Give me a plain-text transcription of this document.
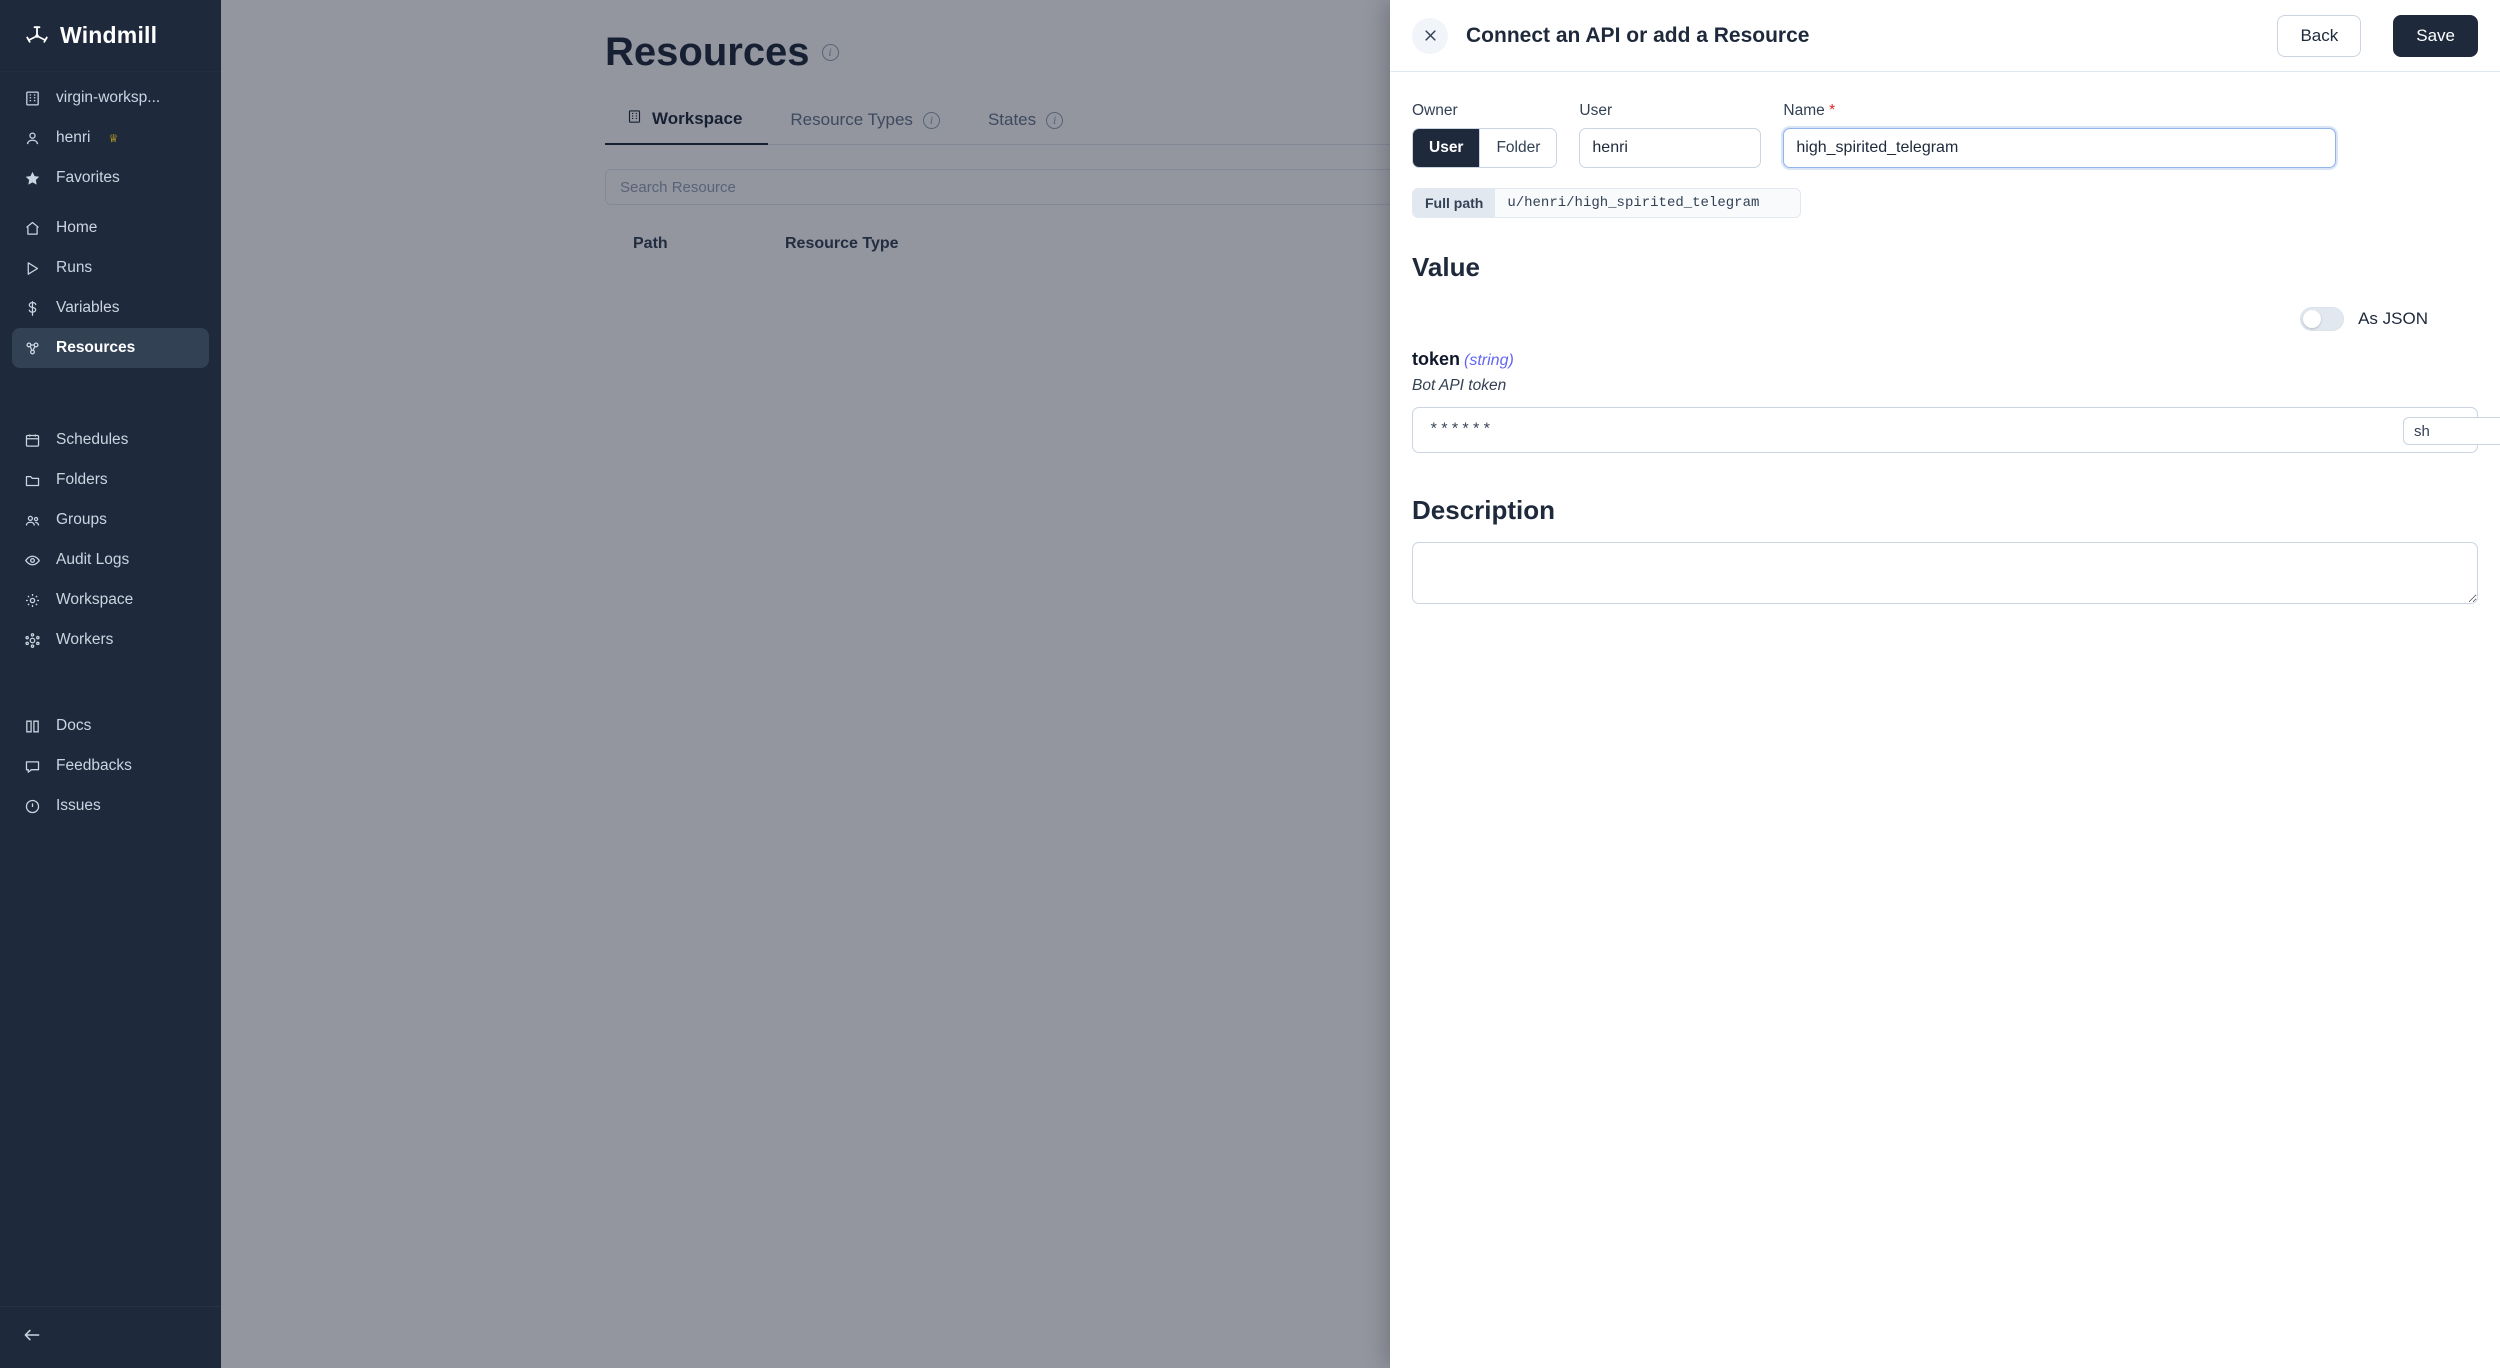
Windmill
virgin-worksp...
henri ♕
Favorites
Home
Runs
Variables
Resources
Schedules
Folders
Groups
Audit Logs
Workspace
Workers
Docs
Feedbacks
Issues
Resources	i
Workspace	Resource Types	i	States	i
Search Resource
Path	Resource Type
Connect an API or add a Resource	Back	Save
Owner
User	Folder
User
henri	Name *
high_spirited_telegram
Full path	u/henri/high_spirited_telegram
Value
As JSON
token (string)
Bot API token
******	sh
Description
